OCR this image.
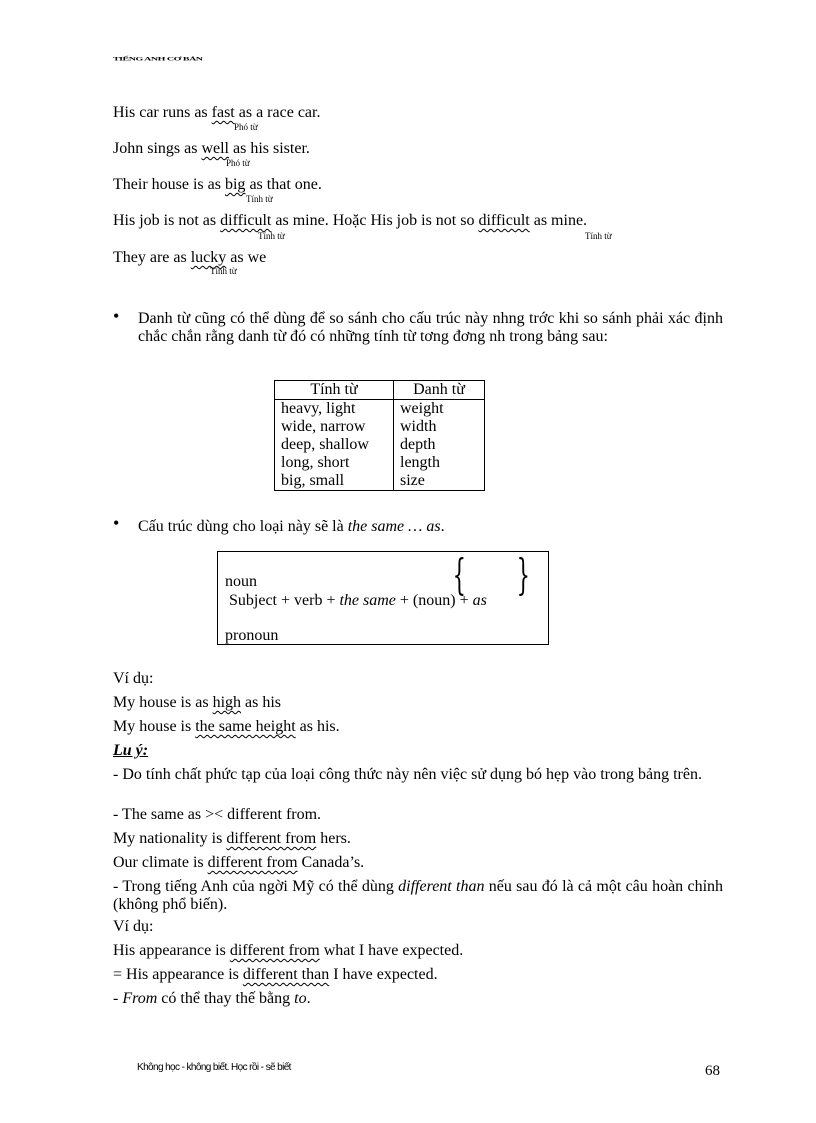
TIẾNG ANH CƠ BẢN
His car runs as fast as a race car.
Phó từ
John sings as well as his sister.
Phó từ
Their house is as big as that one.
Tính từ
His job is not as difficult as mine. Hoặc His job is not so difficult as mine.
Tính từ	Tính từ
They are as lucky as we
Tính từ
• Danh từ cũng có thể dùng để so sánh cho cấu trúc này nhng trớc khi so sánh phải xác định chắc chắn rằng danh từ đó có những tính từ tơng đơng nh trong bảng sau:
Tính từ	Danh từ
heavy, light	weight
wide, narrow	width
deep, shallow	depth
long, short	length
big, small	size
• Cấu trúc dùng cho loại này sẽ là the same … as.
{ }
noun
Subject + verb + the same + (noun) + as
pronoun
Ví dụ:
My house is as high as his
My house is the same height as his.
Lu ý:
- Do tính chất phức tạp của loại công thức này nên việc sử dụng bó hẹp vào trong bảng trên.
- The same as >< different from.
My nationality is different from hers.
Our climate is different from Canada’s.
- Trong tiếng Anh của ngời Mỹ có thể dùng different than nếu sau đó là cả một câu hoàn chỉnh (không phổ biến).
Ví dụ:
His appearance is different from what I have expected.
= His appearance is different than I have expected.
- From có thể thay thế bằng to.
Không học - không biết. Học rồi - sẽ biết	68
